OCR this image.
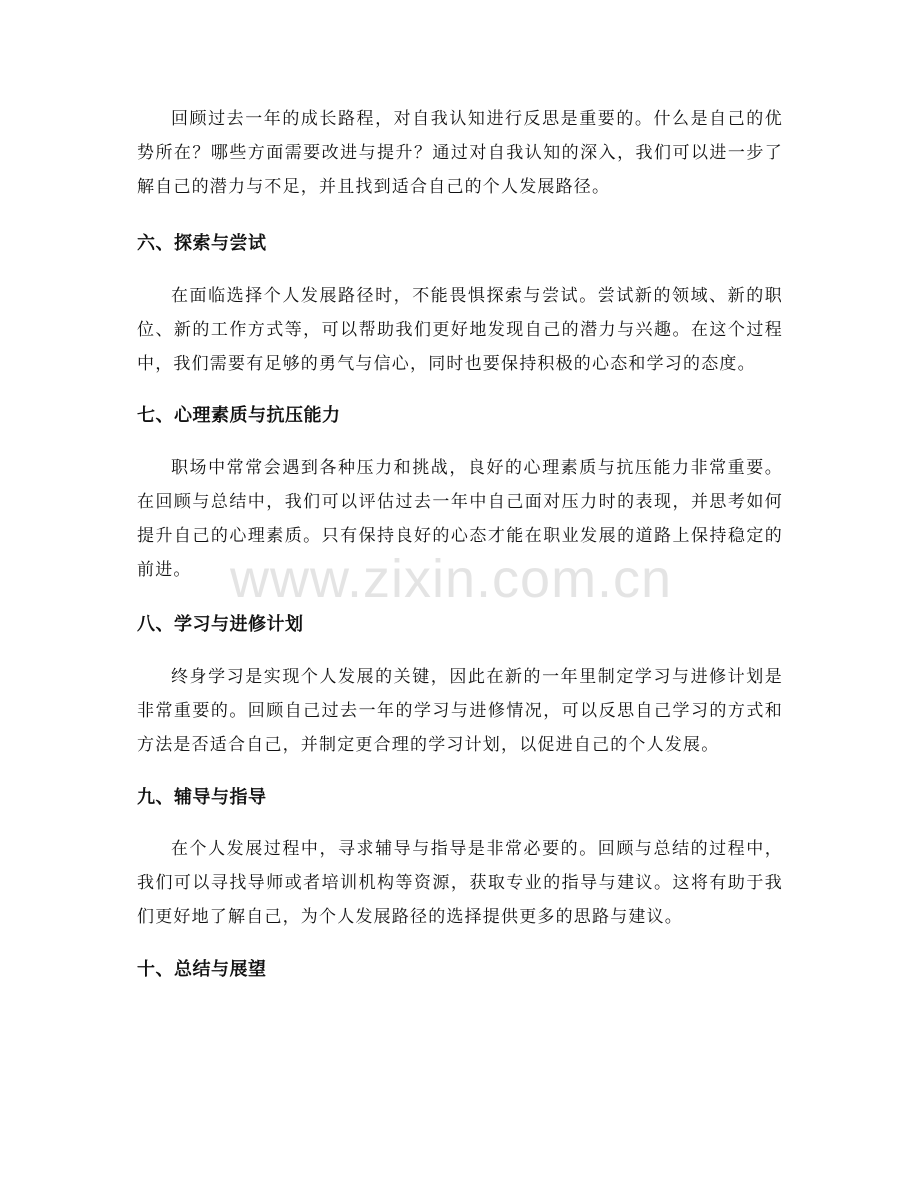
回顾过去一年的成长路程，对自我认知进行反思是重要的。什么是自己的优势所在？哪些方面需要改进与提升？通过对自我认知的深入，我们可以进一步了解自己的潜力与不足，并且找到适合自己的个人发展路径。

六、探索与尝试

在面临选择个人发展路径时，不能畏惧探索与尝试。尝试新的领域、新的职位、新的工作方式等，可以帮助我们更好地发现自己的潜力与兴趣。在这个过程中，我们需要有足够的勇气与信心，同时也要保持积极的心态和学习的态度。

七、心理素质与抗压能力

职场中常常会遇到各种压力和挑战，良好的心理素质与抗压能力非常重要。在回顾与总结中，我们可以评估过去一年中自己面对压力时的表现，并思考如何提升自己的心理素质。只有保持良好的心态才能在职业发展的道路上保持稳定的前进。

八、学习与进修计划

终身学习是实现个人发展的关键，因此在新的一年里制定学习与进修计划是非常重要的。回顾自己过去一年的学习与进修情况，可以反思自己学习的方式和方法是否适合自己，并制定更合理的学习计划，以促进自己的个人发展。

九、辅导与指导

在个人发展过程中，寻求辅导与指导是非常必要的。回顾与总结的过程中，我们可以寻找导师或者培训机构等资源，获取专业的指导与建议。这将有助于我们更好地了解自己，为个人发展路径的选择提供更多的思路与建议。

十、总结与展望
www.zixin.com.cn
